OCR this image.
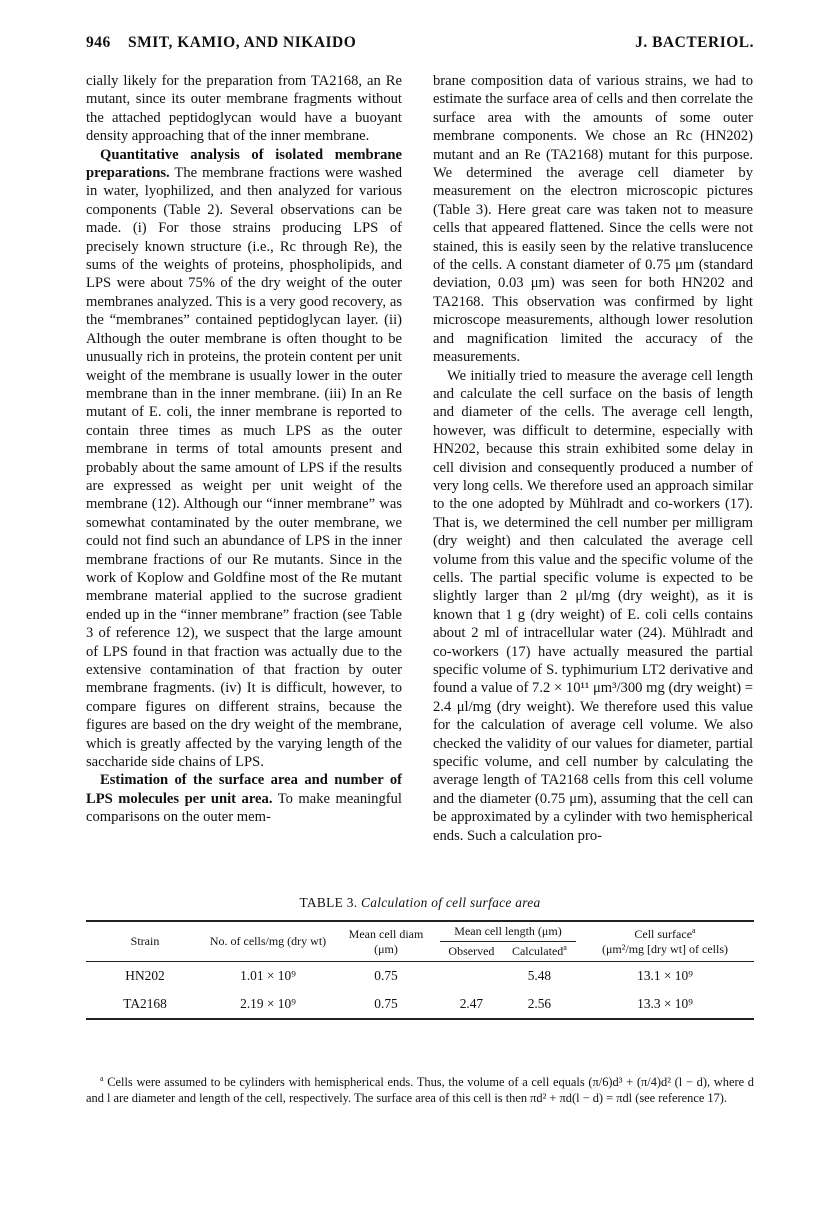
946 SMIT, KAMIO, AND NIKAIDO	J. BACTERIOL.

cially likely for the preparation from TA2168, an Re mutant, since its outer membrane fragments without the attached peptidoglycan would have a buoyant density approaching that of the inner membrane.

Quantitative analysis of isolated membrane preparations. The membrane fractions were washed in water, lyophilized, and then analyzed for various components (Table 2). Several observations can be made. (i) For those strains producing LPS of precisely known structure (i.e., Rc through Re), the sums of the weights of proteins, phospholipids, and LPS were about 75% of the dry weight of the outer membranes analyzed. This is a very good recovery, as the “membranes” contained peptidoglycan layer. (ii) Although the outer membrane is often thought to be unusually rich in proteins, the protein content per unit weight of the membrane is usually lower in the outer membrane than in the inner membrane. (iii) In an Re mutant of E. coli, the inner membrane is reported to contain three times as much LPS as the outer membrane in terms of total amounts present and probably about the same amount of LPS if the results are expressed as weight per unit weight of the membrane (12). Although our “inner membrane” was somewhat contaminated by the outer membrane, we could not find such an abundance of LPS in the inner membrane fractions of our Re mutants. Since in the work of Koplow and Goldfine most of the Re mutant membrane material applied to the sucrose gradient ended up in the “inner membrane” fraction (see Table 3 of reference 12), we suspect that the large amount of LPS found in that fraction was actually due to the extensive contamination of that fraction by outer membrane fragments. (iv) It is difficult, however, to compare figures on different strains, because the figures are based on the dry weight of the membrane, which is greatly affected by the varying length of the saccharide side chains of LPS.

Estimation of the surface area and number of LPS molecules per unit area. To make meaningful comparisons on the outer mem-

brane composition data of various strains, we had to estimate the surface area of cells and then correlate the surface area with the amounts of some outer membrane components. We chose an Rc (HN202) mutant and an Re (TA2168) mutant for this purpose. We determined the average cell diameter by measurement on the electron microscopic pictures (Table 3). Here great care was taken not to measure cells that appeared flattened. Since the cells were not stained, this is easily seen by the relative translucence of the cells. A constant diameter of 0.75 μm (standard deviation, 0.03 μm) was seen for both HN202 and TA2168. This observation was confirmed by light microscope measurements, although lower resolution and magnification limited the accuracy of the measurements.

We initially tried to measure the average cell length and calculate the cell surface on the basis of length and diameter of the cells. The average cell length, however, was difficult to determine, especially with HN202, because this strain exhibited some delay in cell division and consequently produced a number of very long cells. We therefore used an approach similar to the one adopted by Mühlradt and co-workers (17). That is, we determined the cell number per milligram (dry weight) and then calculated the average cell volume from this value and the specific volume of the cells. The partial specific volume is expected to be slightly larger than 2 μl/mg (dry weight), as it is known that 1 g (dry weight) of E. coli cells contains about 2 ml of intracellular water (24). Mühlradt and co-workers (17) have actually measured the partial specific volume of S. typhimurium LT2 derivative and found a value of 7.2 × 10¹¹ μm³/300 mg (dry weight) = 2.4 μl/mg (dry weight). We therefore used this value for the calculation of average cell volume. We also checked the validity of our values for diameter, partial specific volume, and cell number by calculating the average length of TA2168 cells from this cell volume and the diameter (0.75 μm), assuming that the cell can be approximated by a cylinder with two hemispherical ends. Such a calculation pro-

TABLE 3. Calculation of cell surface area
Strain	No. of cells/mg (dry wt)	Mean cell diam (μm)	Mean cell length (μm)		Cell surface$^a$
(μm²/mg [dry wt] of cells)
			Observed	Calculated$^a$
HN202	1.01 × 10⁹	0.75		5.48	13.1 × 10⁹
TA2168	2.19 × 10⁹	0.75	2.47	2.56	13.3 × 10⁹
$^a$ Cells were assumed to be cylinders with hemispherical ends. Thus, the volume of a cell equals (π/6)d³ + (π/4)d² (l − d), where d and l are diameter and length of the cell, respectively. The surface area of this cell is then πd² + πd(l − d) = πdl (see reference 17).
